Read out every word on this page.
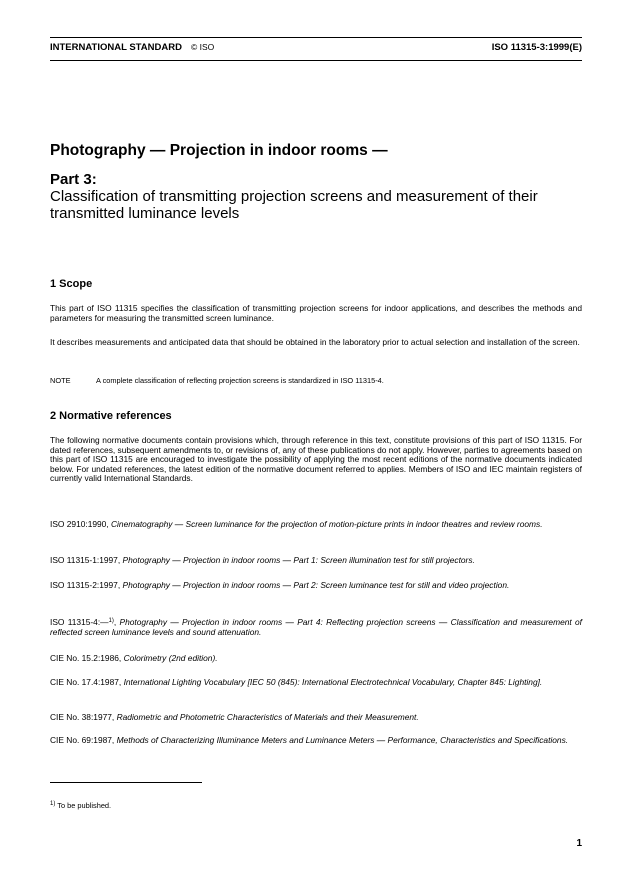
INTERNATIONAL STANDARD © ISO	ISO 11315-3:1999(E)
Photography — Projection in indoor rooms —
Part 3:
Classification of transmitting projection screens and measurement of their transmitted luminance levels
1 Scope
This part of ISO 11315 specifies the classification of transmitting projection screens for indoor applications, and describes the methods and parameters for measuring the transmitted screen luminance.
It describes measurements and anticipated data that should be obtained in the laboratory prior to actual selection and installation of the screen.
NOTE	A complete classification of reflecting projection screens is standardized in ISO 11315-4.
2 Normative references
The following normative documents contain provisions which, through reference in this text, constitute provisions of this part of ISO 11315. For dated references, subsequent amendments to, or revisions of, any of these publications do not apply. However, parties to agreements based on this part of ISO 11315 are encouraged to investigate the possibility of applying the most recent editions of the normative documents indicated below. For undated references, the latest edition of the normative document referred to applies. Members of ISO and IEC maintain registers of currently valid International Standards.
ISO 2910:1990, Cinematography — Screen luminance for the projection of motion-picture prints in indoor theatres and review rooms.
ISO 11315-1:1997, Photography — Projection in indoor rooms — Part 1: Screen illumination test for still projectors.
ISO 11315-2:1997, Photography — Projection in indoor rooms — Part 2: Screen luminance test for still and video projection.
ISO 11315-4:—$^{1)}$, Photography — Projection in indoor rooms — Part 4: Reflecting projection screens — Classification and measurement of reflected screen luminance levels and sound attenuation.
CIE No. 15.2:1986, Colorimetry (2nd edition).
CIE No. 17.4:1987, International Lighting Vocabulary [IEC 50 (845): International Electrotechnical Vocabulary, Chapter 845: Lighting].
CIE No. 38:1977, Radiometric and Photometric Characteristics of Materials and their Measurement.
CIE No. 69:1987, Methods of Characterizing Illuminance Meters and Luminance Meters — Performance, Characteristics and Specifications.
$^{1)}$ To be published.
1
